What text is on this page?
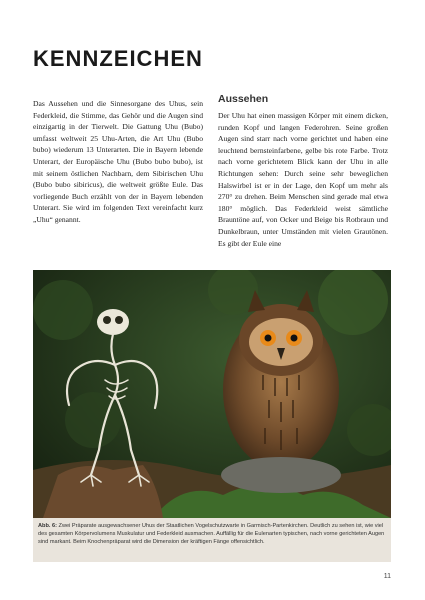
KENNZEICHEN
Das Aussehen und die Sinnesorgane des Uhus, sein Federkleid, die Stimme, das Gehör und die Augen sind einzigartig in der Tierwelt. Die Gattung Uhu (Bubo) umfasst weltweit 25 Uhu-Arten, die Art Uhu (Bubo bubo) wiederum 13 Unterarten. Die in Bayern lebende Unterart, der Europäische Uhu (Bubo bubo bubo), ist mit seinem östlichen Nachbarn, dem Sibirischen Uhu (Bubo bubo sibiricus), die weltweit größte Eule. Das vorliegende Buch erzählt von der in Bayern lebenden Unterart. Sie wird im folgenden Text vereinfacht kurz „Uhu“ genannt.
Aussehen
Der Uhu hat einen massigen Körper mit einem dicken, runden Kopf und langen Federohren. Seine großen Augen sind starr nach vorne gerichtet und haben eine leuchtend bernsteinfarbene, gelbe bis rote Farbe. Trotz nach vorne gerichtetem Blick kann der Uhu in alle Richtungen sehen: Durch seine sehr beweglichen Halswirbel ist er in der Lage, den Kopf um mehr als 270° zu drehen. Beim Menschen sind gerade mal etwa 180° möglich. Das Federkleid weist sämtliche Brauntöne auf, von Ocker und Beige bis Rotbraun und Dunkelbraun, unter Umständen mit vielen Grautönen. Es gibt der Eule eine
Abb. 6: Zwei Präparate ausgewachsener Uhus der Staatlichen Vogelschutzwarte in Garmisch-Partenkirchen. Deutlich zu sehen ist, wie viel des gesamten Körpervolumens Muskulatur und Federkleid ausmachen. Auffällig für die Eulenarten typischen, nach vorne gerichteten Augen sind markant. Beim Knochenpräparat wird die Dimension der kräftigen Fänge offensichtlich.
11
